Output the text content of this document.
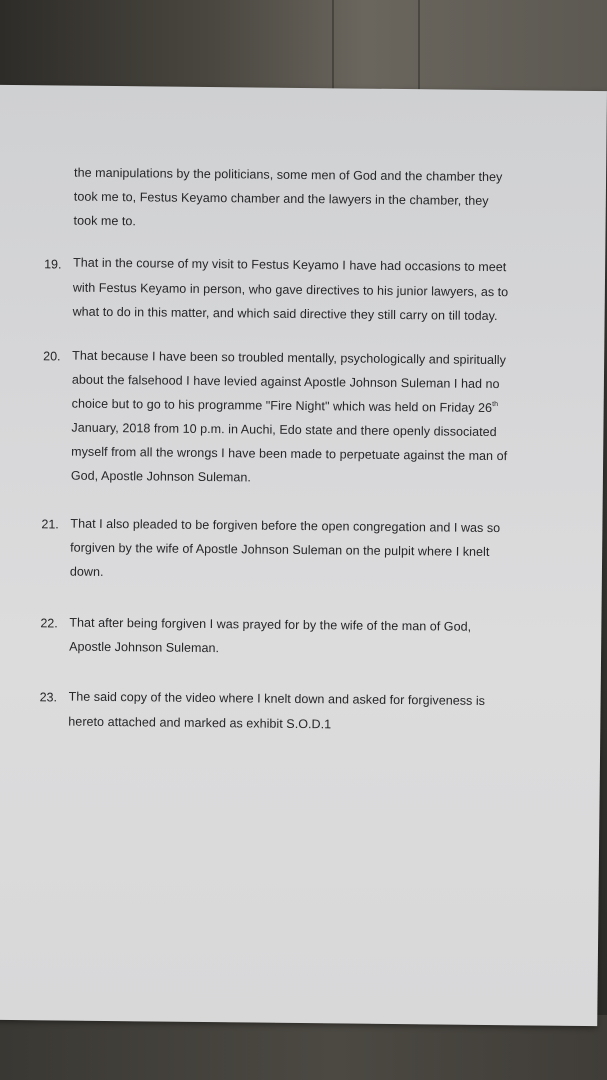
the manipulations by the politicians, some men of God and the chamber they

took me to, Festus Keyamo chamber and the lawyers in the chamber, they

took me to.

19. That in the course of my visit to Festus Keyamo I have had occasions to meet

with Festus Keyamo in person, who gave directives to his junior lawyers, as to

what to do in this matter, and which said directive they still carry on till today.

20. That because I have been so troubled mentally, psychologically and spiritually

about the falsehood I have levied against Apostle Johnson Suleman I had no

choice but to go to his programme "Fire Night" which was held on Friday 26th

January, 2018 from 10 p.m. in Auchi, Edo state and there openly dissociated

myself from all the wrongs I have been made to perpetuate against the man of

God, Apostle Johnson Suleman.

21. That I also pleaded to be forgiven before the open congregation and I was so

forgiven by the wife of Apostle Johnson Suleman on the pulpit where I knelt

down.

22. That after being forgiven I was prayed for by the wife of the man of God,

Apostle Johnson Suleman.

23. The said copy of the video where I knelt down and asked for forgiveness is

hereto attached and marked as exhibit S.O.D.1
